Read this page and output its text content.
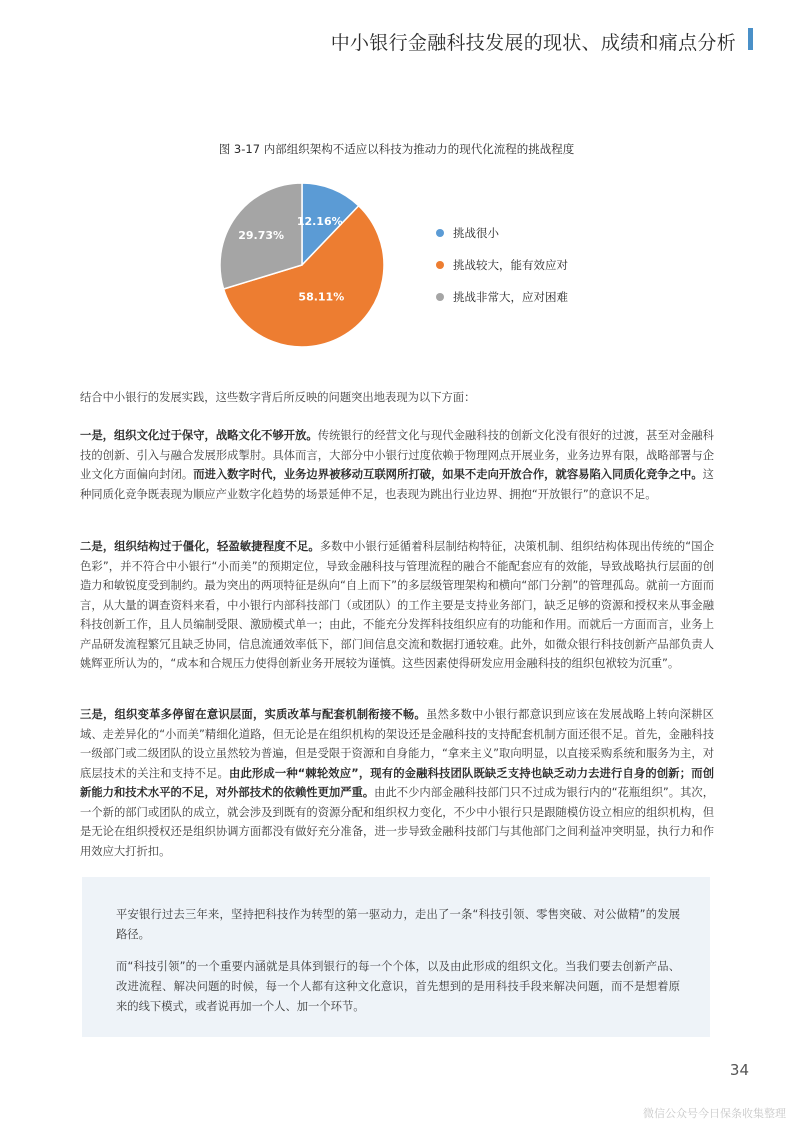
中小银行金融科技发展的现状、成绩和痛点分析
图 3-17 内部组织架构不适应以科技为推动力的现代化流程的挑战程度
12.16%
58.11%
29.73%	挑战很小
挑战较大，能有效应对
挑战非常大，应对困难
结合中小银行的发展实践，这些数字背后所反映的问题突出地表现为以下方面：
一是，组织文化过于保守，战略文化不够开放。传统银行的经营文化与现代金融科技的创新文化没有很好的过渡，甚至对金融科技的创新、引入与融合发展形成掣肘。具体而言，大部分中小银行过度依赖于物理网点开展业务，业务边界有限，战略部署与企业文化方面偏向封闭。而进入数字时代，业务边界被移动互联网所打破，如果不走向开放合作，就容易陷入同质化竞争之中。这种同质化竞争既表现为顺应产业数字化趋势的场景延伸不足，也表现为跳出行业边界、拥抱“开放银行”的意识不足。
二是，组织结构过于僵化，轻盈敏捷程度不足。多数中小银行延循着科层制结构特征，决策机制、组织结构体现出传统的“国企色彩”，并不符合中小银行“小而美”的预期定位，导致金融科技与管理流程的融合不能配套应有的效能，导致战略执行层面的创造力和敏锐度受到制约。最为突出的两项特征是纵向“自上而下”的多层级管理架构和横向“部门分割”的管理孤岛。就前一方面而言，从大量的调查资料来看，中小银行内部科技部门（或团队）的工作主要是支持业务部门，缺乏足够的资源和授权来从事金融科技创新工作，且人员编制受限、激励模式单一；由此，不能充分发挥科技组织应有的功能和作用。而就后一方面而言，业务上产品研发流程繁冗且缺乏协同，信息流通效率低下，部门间信息交流和数据打通较难。此外，如微众银行科技创新产品部负责人姚辉亚所认为的，“成本和合规压力使得创新业务开展较为谨慎。这些因素使得研发应用金融科技的组织包袱较为沉重”。
三是，组织变革多停留在意识层面，实质改革与配套机制衔接不畅。虽然多数中小银行都意识到应该在发展战略上转向深耕区域、走差异化的“小而美”精细化道路，但无论是在组织机构的架设还是金融科技的支持配套机制方面还很不足。首先，金融科技一级部门或二级团队的设立虽然较为普遍，但是受限于资源和自身能力，“拿来主义”取向明显，以直接采购系统和服务为主，对底层技术的关注和支持不足。由此形成一种“棘轮效应”，现有的金融科技团队既缺乏支持也缺乏动力去进行自身的创新；而创新能力和技术水平的不足，对外部技术的依赖性更加严重。由此不少内部金融科技部门只不过成为银行内的“花瓶组织”。其次，一个新的部门或团队的成立，就会涉及到既有的资源分配和组织权力变化，不少中小银行只是跟随模仿设立相应的组织机构，但是无论在组织授权还是组织协调方面都没有做好充分准备，进一步导致金融科技部门与其他部门之间利益冲突明显，执行力和作用效应大打折扣。
平安银行过去三年来，坚持把科技作为转型的第一驱动力，走出了一条“科技引领、零售突破、对公做精”的发展路径。
而“科技引领”的一个重要内涵就是具体到银行的每一个个体，以及由此形成的组织文化。当我们要去创新产品、改进流程、解决问题的时候，每一个人都有这种文化意识，首先想到的是用科技手段来解决问题，而不是想着原来的线下模式，或者说再加一个人、加一个环节。
34
微信公众号今日保条收集整理
